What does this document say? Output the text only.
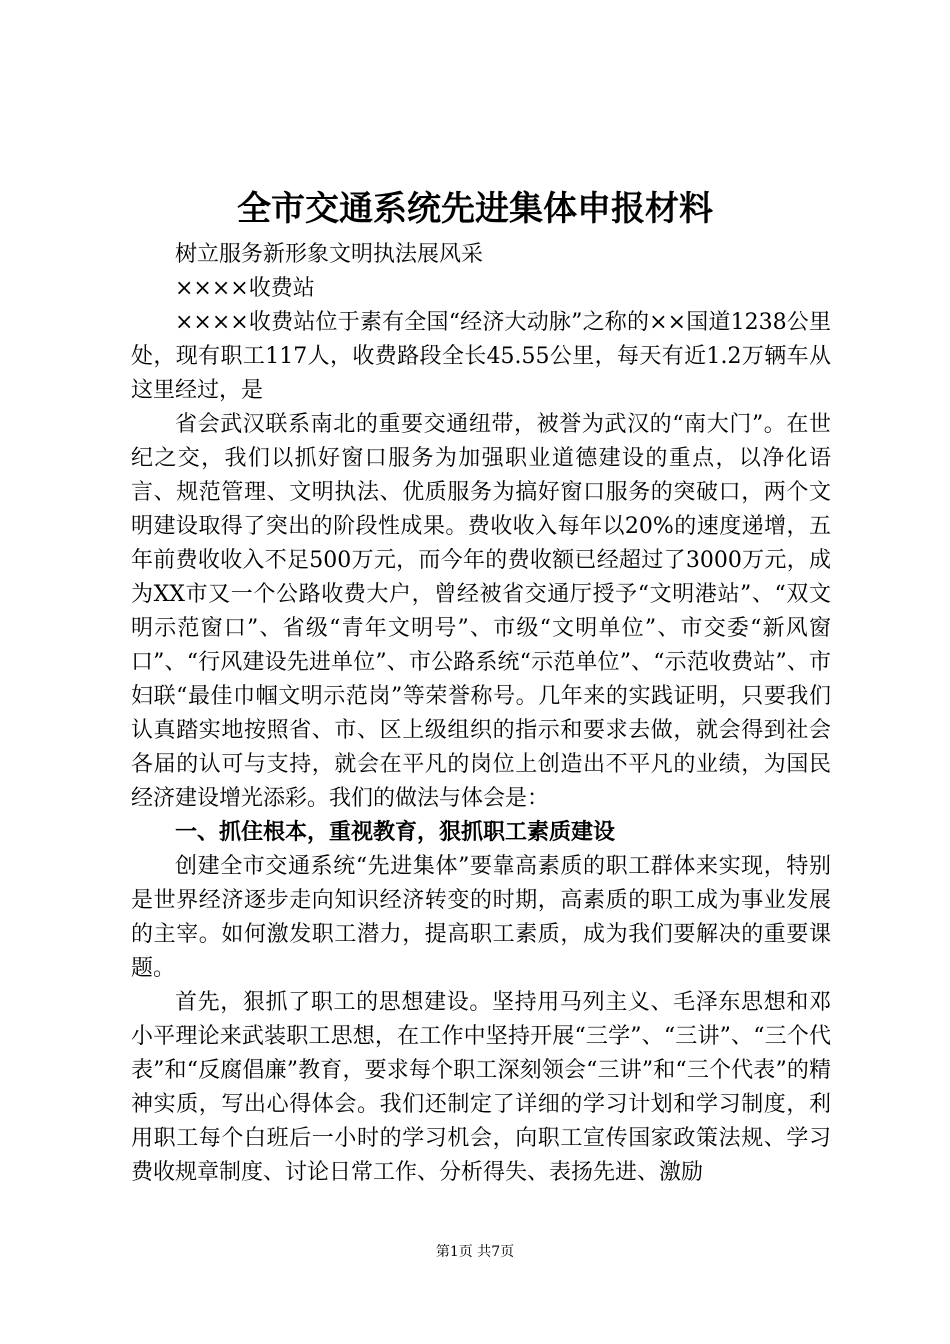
全市交通系统先进集体申报材料

树立服务新形象文明执法展风采

××××收费站

××××收费站位于素有全国“经济大动脉”之称的××国道1238公里处，现有职工117人，收费路段全长45.55公里，每天有近1.2万辆车从这里经过，是

省会武汉联系南北的重要交通纽带，被誉为武汉的“南大门”。在世纪之交，我们以抓好窗口服务为加强职业道德建设的重点，以净化语言、规范管理、文明执法、优质服务为搞好窗口服务的突破口，两个文明建设取得了突出的阶段性成果。费收收入每年以20%的速度递增，五年前费收收入不足500万元，而今年的费收额已经超过了3000万元，成为XX市又一个公路收费大户，曾经被省交通厅授予“文明港站”、“双文明示范窗口”、省级“青年文明号”、市级“文明单位”、市交委“新风窗口”、“行风建设先进单位”、市公路系统“示范单位”、“示范收费站”、市妇联“最佳巾帼文明示范岗”等荣誉称号。几年来的实践证明，只要我们认真踏实地按照省、市、区上级组织的指示和要求去做，就会得到社会各届的认可与支持，就会在平凡的岗位上创造出不平凡的业绩，为国民经济建设增光添彩。我们的做法与体会是：

一、抓住根本，重视教育，狠抓职工素质建设

创建全市交通系统“先进集体”要靠高素质的职工群体来实现，特别是世界经济逐步走向知识经济转变的时期，高素质的职工成为事业发展的主宰。如何激发职工潜力，提高职工素质，成为我们要解决的重要课题。

首先，狠抓了职工的思想建设。坚持用马列主义、毛泽东思想和邓小平理论来武装职工思想，在工作中坚持开展“三学”、“三讲”、“三个代表”和“反腐倡廉”教育，要求每个职工深刻领会“三讲”和“三个代表”的精神实质，写出心得体会。我们还制定了详细的学习计划和学习制度，利用职工每个白班后一小时的学习机会，向职工宣传国家政策法规、学习费收规章制度、讨论日常工作、分析得失、表扬先进、激励

第1页 共7页
